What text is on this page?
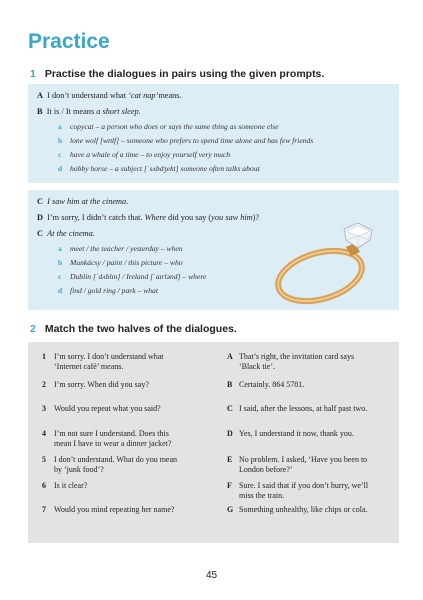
Practice
1 Practise the dialogues in pairs using the given prompts.
A I don’t understand what ‘cat nap’means.
B It is / It means a short sleep.
a copycat – a person who does or says the same thing as someone else
b lone wolf [wʊlf] – someone who prefers to spend time alone and has few friends
c have a whale of a time – to enjoy yourself very much
d hobby horse – a subject [ˈsʌbdʒekt] someone often talks about
C I saw him at the cinema.
D I’m sorry, I didn’t catch that. Where did you say (you saw him)?
C At the cinema.
a meet / the teacher / yesterday – when
b Munkácsy / paint / this picture – who
c Dublin [ˈdʌblɪn] / Ireland [ˈaɪrlənd] – where
d find / gold ring / park – what
2 Match the two halves of the dialogues.
1 I’m sorry. I don’t understand what
‘Internet café’ means.
2 I’m sorry. When did you say?
3 Would you repeat what you said?
4 I’m not sure I understand. Does this
mean I have to wear a dinner jacket?
5 I don’t understand. What do you mean
by ‘junk food’?
6 Is it clear?
7 Would you mind repeating her name?
A That’s right, the invitation card says
‘Black tie’.
B Certainly. 864 5781.
C I said, after the lessons, at half past two.
D Yes, I understand it now, thank you.
E No problem. I asked, ‘Have you been to
London before?’
F Sure. I said that if you don’t hurry, we’ll
miss the train.
G Something unhealthy, like chips or cola.
45
